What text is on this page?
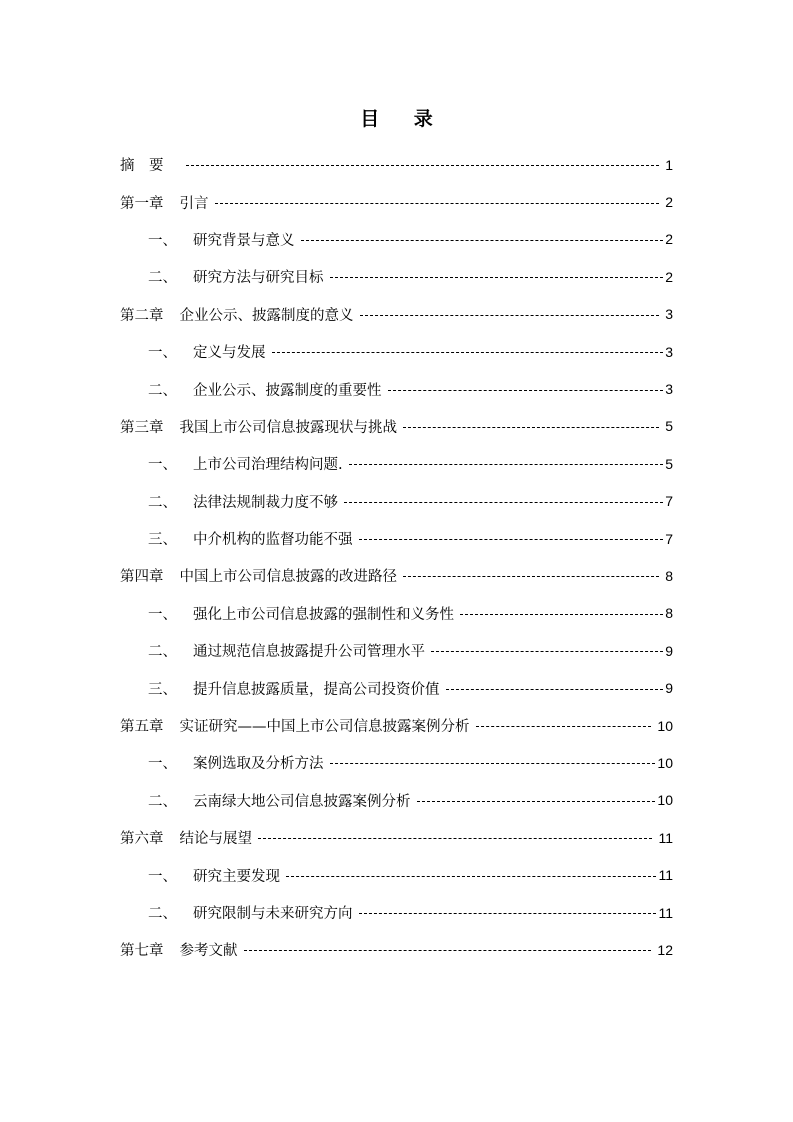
目 录
摘　要	1
第一章 引言	2
一、 研究背景与意义	2
二、 研究方法与研究目标	2
第二章 企业公示、披露制度的意义	3
一、 定义与发展	3
二、 企业公示、披露制度的重要性	3
第三章 我国上市公司信息披露现状与挑战	5
一、 上市公司治理结构问题.	5
二、 法律法规制裁力度不够	7
三、 中介机构的监督功能不强	7
第四章 中国上市公司信息披露的改进路径	8
一、 强化上市公司信息披露的强制性和义务性	8
二、 通过规范信息披露提升公司管理水平	9
三、 提升信息披露质量，提高公司投资价值	9
第五章 实证研究——中国上市公司信息披露案例分析	10
一、 案例选取及分析方法	10
二、 云南绿大地公司信息披露案例分析	10
第六章 结论与展望	11
一、 研究主要发现	11
二、 研究限制与未来研究方向	11
第七章 参考文献	12
